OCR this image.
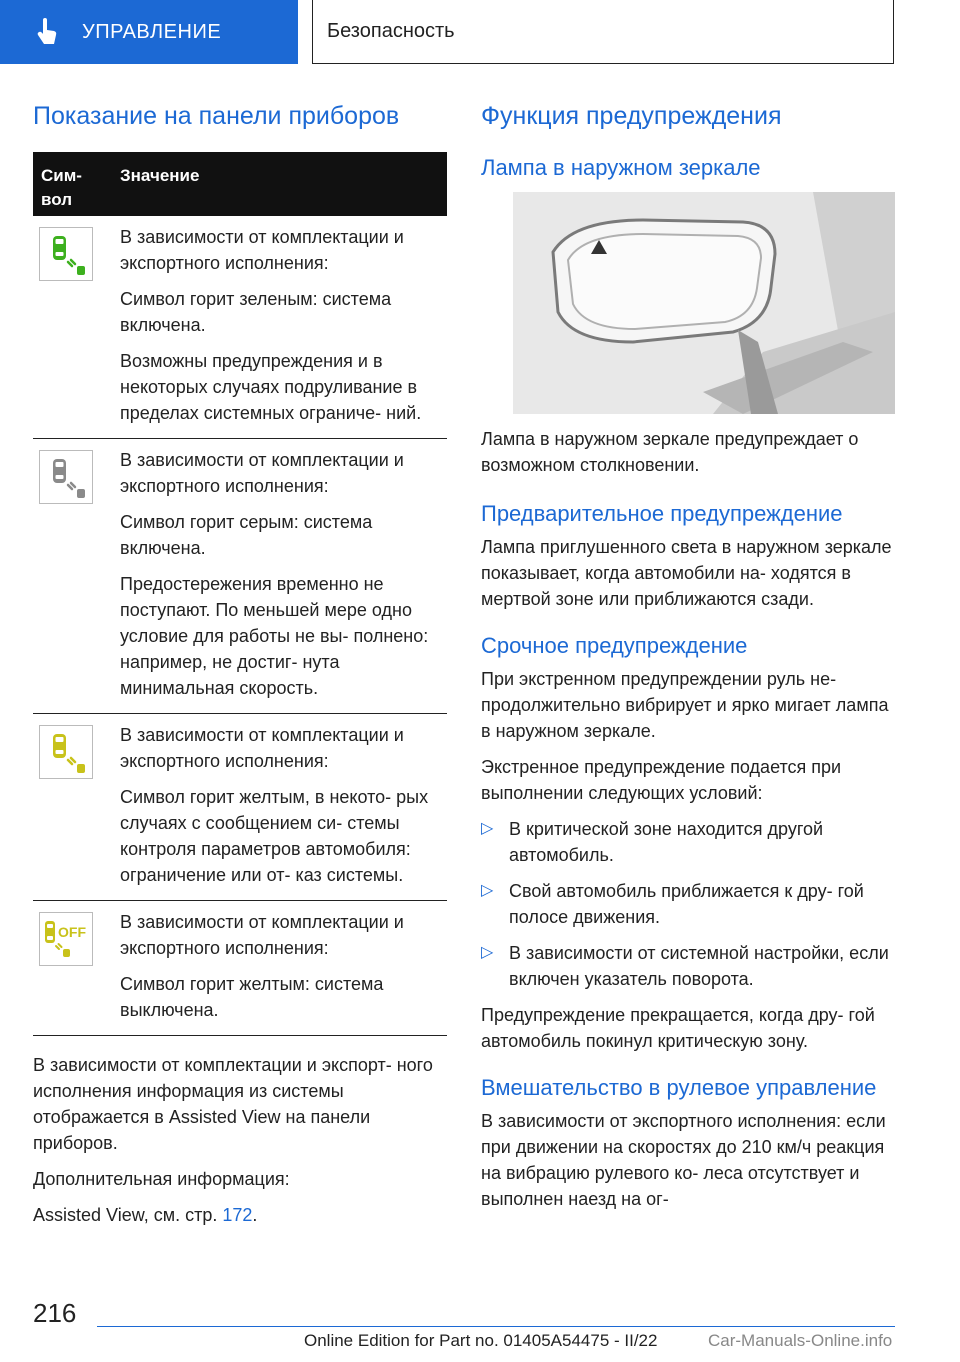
УПРАВЛЕНИЕ	Безопасность
Показание на панели приборов
Сим- вол
Значение

В зависимости от комплектации и экспортного исполнения:

Символ горит зеленым: система включена.

Возможны предупреждения и в некоторых случаях подруливание в пределах системных ограниче- ний.

В зависимости от комплектации и экспортного исполнения:

Символ горит серым: система включена.

Предостережения временно не поступают. По меньшей мере одно условие для работы не вы- полнено: например, не достиг- нута минимальная скорость.

В зависимости от комплектации и экспортного исполнения:

Символ горит желтым, в некото- рых случаях с сообщением си- стемы контроля параметров автомобиля: ограничение или от- каз системы.

OFF В зависимости от комплектации и экспортного исполнения:

Символ горит желтым: система выключена.

В зависимости от комплектации и экспорт- ного исполнения информация из системы отображается в Assisted View на панели приборов.

Дополнительная информация:

Assisted View, см. стр. 172.

Функция предупреждения
Лампа в наружном зеркале

Лампа в наружном зеркале предупреждает о возможном столкновении.

Предварительное предупреждение

Лампа приглушенного света в наружном зеркале показывает, когда автомобили на- ходятся в мертвой зоне или приближаются сзади.

Срочное предупреждение

При экстренном предупреждении руль не- продолжительно вибрирует и ярко мигает лампа в наружном зеркале.

Экстренное предупреждение подается при выполнении следующих условий:

▷ В критической зоне находится другой автомобиль.
▷ Свой автомобиль приближается к дру- гой полосе движения.
▷ В зависимости от системной настройки, если включен указатель поворота.

Предупреждение прекращается, когда дру- гой автомобиль покинул критическую зону.

Вмешательство в рулевое управление

В зависимости от экспортного исполнения: если при движении на скоростях до 210 км/ч реакция на вибрацию рулевого ко- леса отсутствует и выполнен наезд на ог-

216
Online Edition for Part no. 01405A54475 - II/22	Car-Manuals-Online.info
